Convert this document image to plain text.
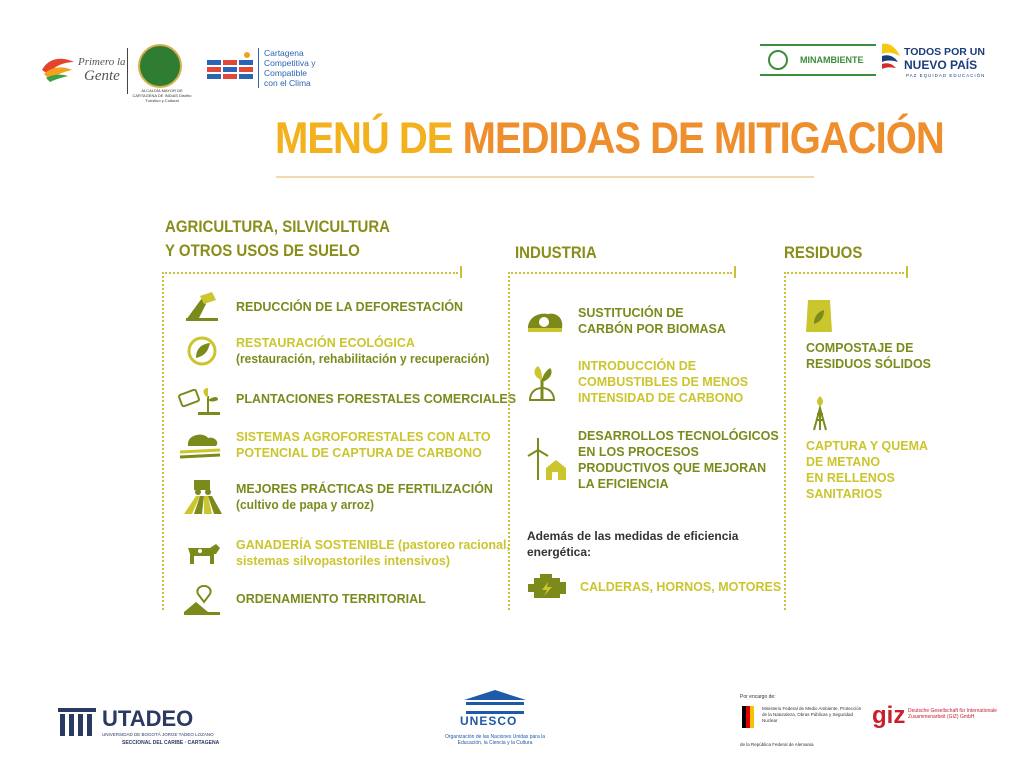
Primero la
Gente
ALCALDÍA MAYOR DE CARTAGENA DE INDIAS Distrito Turístico y Cultural
Cartagena
Competitiva y
Compatible
con el Clima
MINAMBIENTE
TODOS POR UN
NUEVO PAÍS
PAZ EQUIDAD EDUCACIÓN
MENÚ DE MEDIDAS DE MITIGACIÓN
AGRICULTURA, SILVICULTURA
Y OTROS USOS DE SUELO
REDUCCIÓN DE LA DEFORESTACIÓN
RESTAURACIÓN ECOLÓGICA
(restauración, rehabilitación y recuperación)
PLANTACIONES FORESTALES COMERCIALES
SISTEMAS AGROFORESTALES CON ALTO
POTENCIAL DE CAPTURA DE CARBONO
MEJORES PRÁCTICAS DE FERTILIZACIÓN
(cultivo de papa y arroz)
GANADERÍA SOSTENIBLE (pastoreo racional,
sistemas silvopastoriles intensivos)
ORDENAMIENTO TERRITORIAL
INDUSTRIA
SUSTITUCIÓN DE
CARBÓN POR BIOMASA
INTRODUCCIÓN DE
COMBUSTIBLES DE MENOS
INTENSIDAD DE CARBONO
DESARROLLOS TECNOLÓGICOS
EN LOS PROCESOS
PRODUCTIVOS QUE MEJORAN
LA EFICIENCIA
Además de las medidas de eficiencia
energética:
CALDERAS, HORNOS, MOTORES
RESIDUOS
COMPOSTAJE DE
RESIDUOS SÓLIDOS
CAPTURA Y QUEMA
DE METANO
EN RELLENOS
SANITARIOS
UTADEO
UNIVERSIDAD DE BOGOTÁ JORGE TADEO LOZANO
SECCIONAL DEL CARIBE · CARTAGENA
UNESCO
Organización de las Naciones Unidas para la Educación, la Ciencia y la Cultura
Por encargo de:
Ministerio Federal de Medio Ambiente, Protección de la Naturaleza, Obras Públicas y Seguridad Nuclear
de la República Federal de Alemania
giz Deutsche Gesellschaft für Internationale Zusammenarbeit (GIZ) GmbH
